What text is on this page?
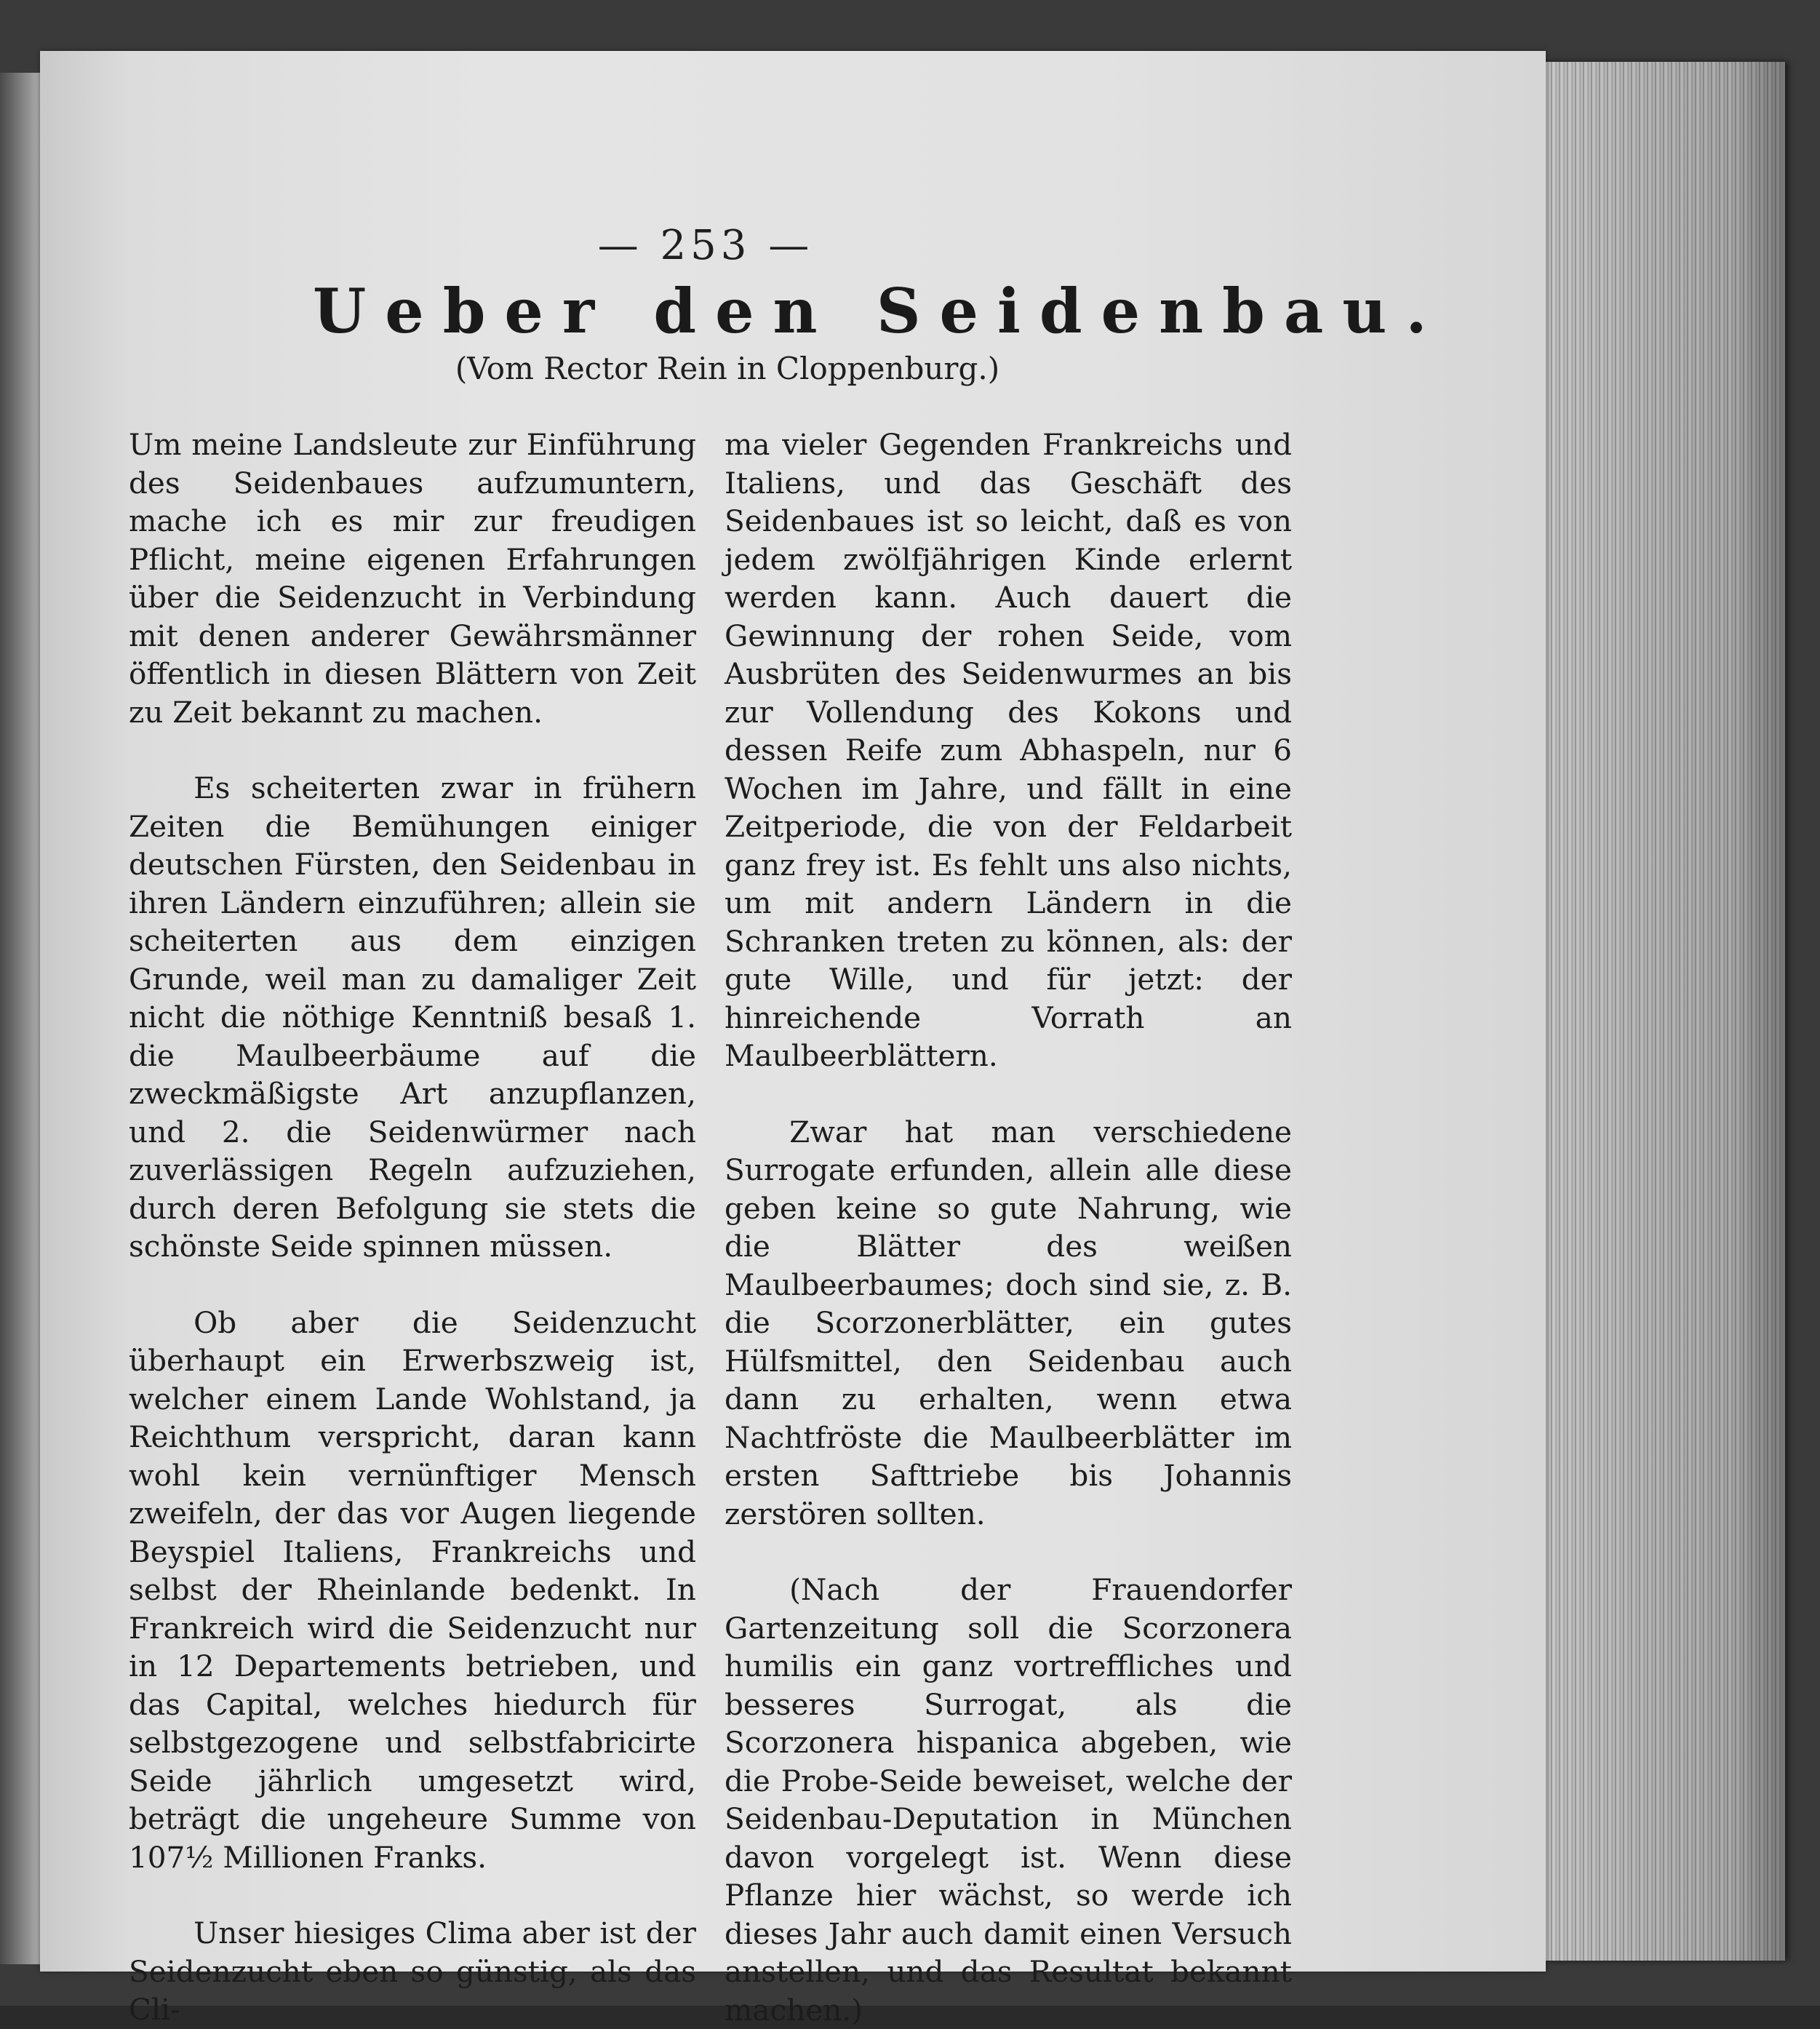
— 253 —
Ueber den Seidenbau.
(Vom Rector Rein in Cloppenburg.)

Um meine Landsleute zur Einführung des Seidenbaues aufzumuntern, mache ich es mir zur freudigen Pflicht, meine eigenen Erfahrungen über die Seidenzucht in Verbindung mit denen anderer Gewährsmänner öffentlich in diesen Blättern von Zeit zu Zeit bekannt zu machen.

Es scheiterten zwar in frühern Zeiten die Bemühungen einiger deutschen Fürsten, den Seidenbau in ihren Ländern einzuführen; allein sie scheiterten aus dem einzigen Grunde, weil man zu damaliger Zeit nicht die nöthige Kenntniß besaß 1. die Maulbeerbäume auf die zweckmäßigste Art anzupflanzen, und 2. die Seidenwürmer nach zuverlässigen Regeln aufzuziehen, durch deren Befolgung sie stets die schönste Seide spinnen müssen.

Ob aber die Seidenzucht überhaupt ein Erwerbszweig ist, welcher einem Lande Wohlstand, ja Reichthum verspricht, daran kann wohl kein vernünftiger Mensch zweifeln, der das vor Augen liegende Beyspiel Italiens, Frankreichs und selbst der Rheinlande bedenkt. In Frankreich wird die Seidenzucht nur in 12 Departements betrieben, und das Capital, welches hiedurch für selbstgezogene und selbstfabricirte Seide jährlich umgesetzt wird, beträgt die ungeheure Summe von 107½ Millionen Franks.

Unser hiesiges Clima aber ist der Seidenzucht eben so günstig, als das Cli-

ma vieler Gegenden Frankreichs und Italiens, und das Geschäft des Seidenbaues ist so leicht, daß es von jedem zwölfjährigen Kinde erlernt werden kann. Auch dauert die Gewinnung der rohen Seide, vom Ausbrüten des Seidenwurmes an bis zur Vollendung des Kokons und dessen Reife zum Abhaspeln, nur 6 Wochen im Jahre, und fällt in eine Zeitperiode, die von der Feldarbeit ganz frey ist. Es fehlt uns also nichts, um mit andern Ländern in die Schranken treten zu können, als: der gute Wille, und für jetzt: der hinreichende Vorrath an Maulbeerblättern.

Zwar hat man verschiedene Surrogate erfunden, allein alle diese geben keine so gute Nahrung, wie die Blätter des weißen Maulbeerbaumes; doch sind sie, z. B. die Scorzonerblätter, ein gutes Hülfsmittel, den Seidenbau auch dann zu erhalten, wenn etwa Nachtfröste die Maulbeerblätter im ersten Safttriebe bis Johannis zerstören sollten.

(Nach der Frauendorfer Gartenzeitung soll die Scorzonera humilis ein ganz vortreffliches und besseres Surrogat, als die Scorzonera hispanica abgeben, wie die Probe-Seide beweiset, welche der Seidenbau-Deputation in München davon vorgelegt ist. Wenn diese Pflanze hier wächst, so werde ich dieses Jahr auch damit einen Versuch anstellen, und das Resultat bekannt machen.)
